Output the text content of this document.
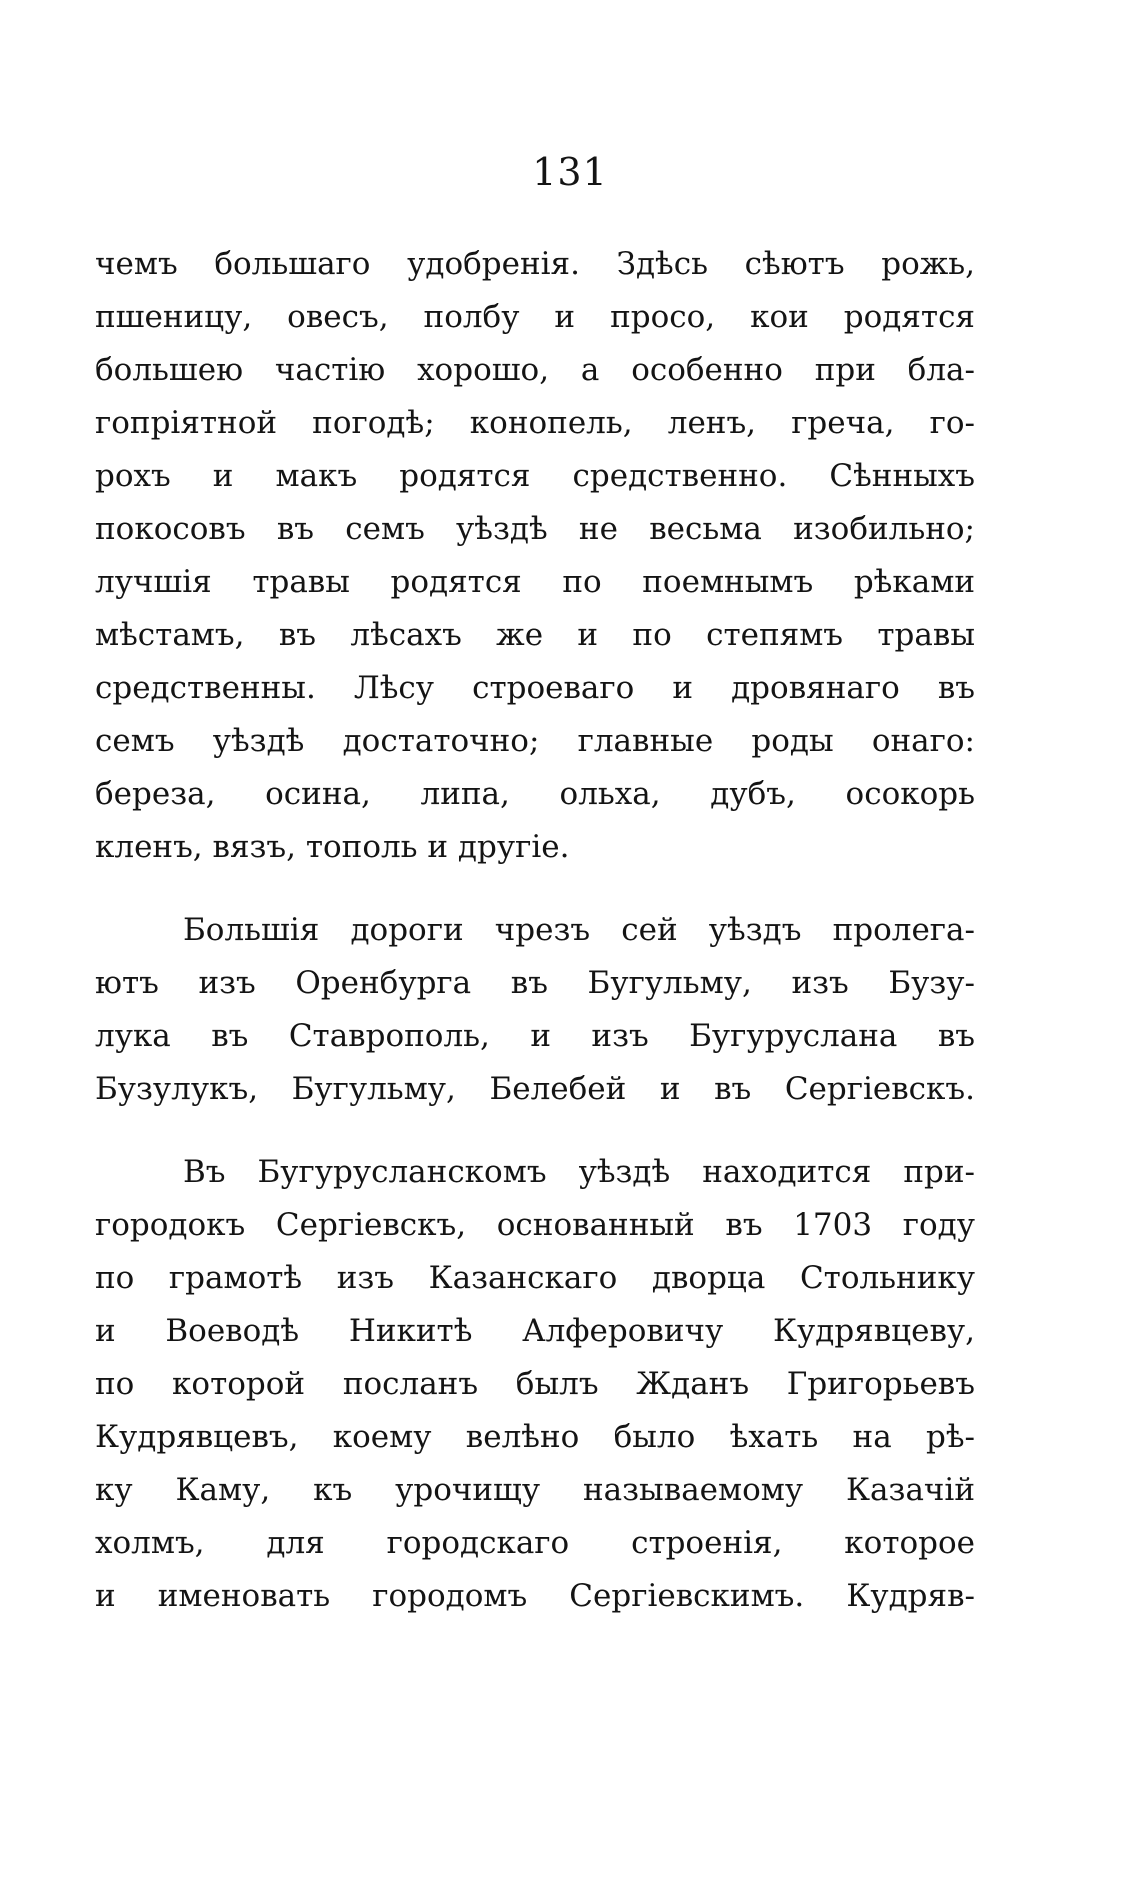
131
чемъ большаго удобренія. Здѣсь сѣютъ рожь,
пшеницу, овесъ, полбу и просо, кои родятся
большею частію хорошо, а особенно при бла-
гопріятной погодѣ; конопель, ленъ, греча, го-
рохъ и макъ родятся средственно. Сѣнныхъ
покосовъ въ семъ уѣздѣ не весьма изобильно;
лучшія травы родятся по поемнымъ рѣками
мѣстамъ, въ лѣсахъ же и по степямъ травы
средственны. Лѣсу строеваго и дровянаго въ
семъ уѣздѣ достаточно; главные роды онаго:
береза, осина, липа, ольха, дубъ, осокорь
кленъ, вязъ, тополь и другіе.
Большія дороги чрезъ сей уѣздъ пролега-
ютъ изъ Оренбурга въ Бугульму, изъ Бузу-
лука въ Ставрополь, и изъ Бугуруслана въ
Бузулукъ, Бугульму, Белебей и въ Сергіевскъ.
Въ Бугурусланскомъ уѣздѣ находится при-
городокъ Сергіевскъ, основанный въ 1703 году
по грамотѣ изъ Казанскаго дворца Стольнику
и Воеводѣ Никитѣ Алферовичу Кудрявцеву,
по которой посланъ былъ Жданъ Григорьевъ
Кудрявцевъ, коему велѣно было ѣхать на рѣ-
ку Каму, къ урочищу называемому Казачій
холмъ, для городскаго строенія, которое
и именовать городомъ Сергіевскимъ. Кудряв-
